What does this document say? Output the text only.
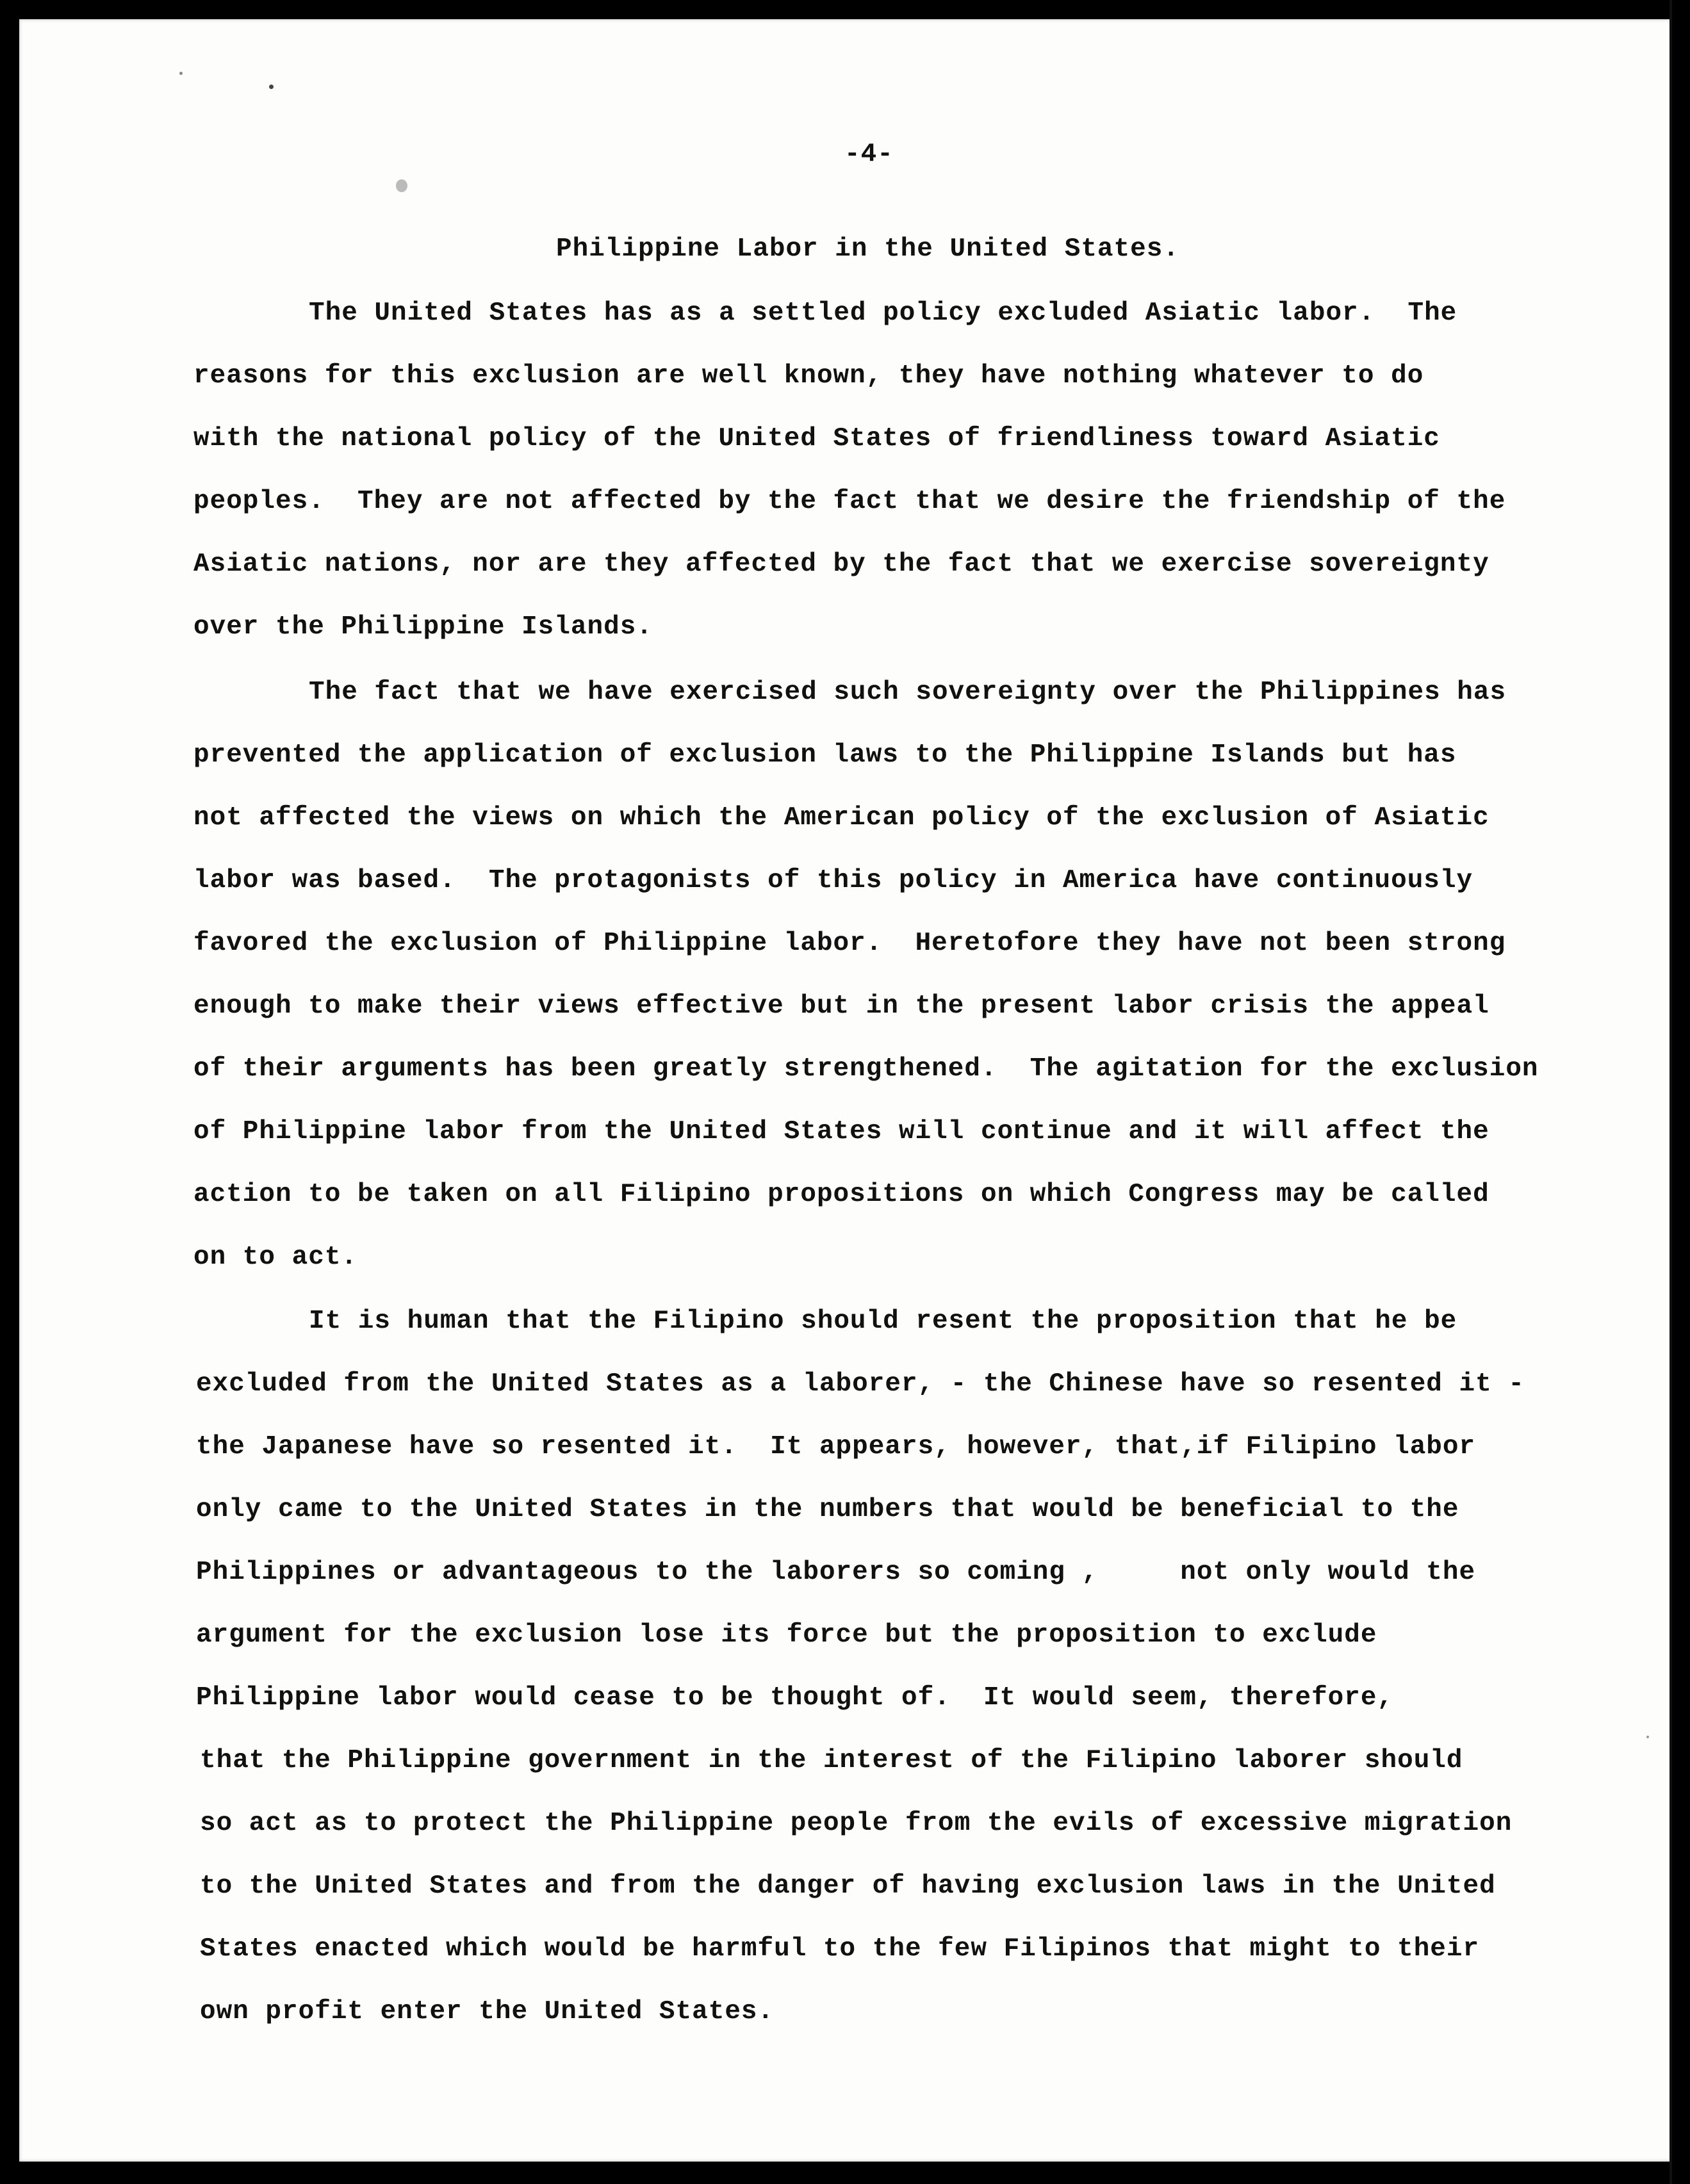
-4-
Philippine Labor in the United States.
The United States has as a settled policy excluded Asiatic labor.  The
reasons for this exclusion are well known, they have nothing whatever to do
with the national policy of the United States of friendliness toward Asiatic
peoples.  They are not affected by the fact that we desire the friendship of the
Asiatic nations, nor are they affected by the fact that we exercise sovereignty
over the Philippine Islands.
The fact that we have exercised such sovereignty over the Philippines has
prevented the application of exclusion laws to the Philippine Islands but has
not affected the views on which the American policy of the exclusion of Asiatic
labor was based.  The protagonists of this policy in America have continuously
favored the exclusion of Philippine labor.  Heretofore they have not been strong
enough to make their views effective but in the present labor crisis the appeal
of their arguments has been greatly strengthened.  The agitation for the exclusion
of Philippine labor from the United States will continue and it will affect the
action to be taken on all Filipino propositions on which Congress may be called
on to act.
It is human that the Filipino should resent the proposition that he be
excluded from the United States as a laborer, - the Chinese have so resented it -
the Japanese have so resented it.  It appears, however, that,if Filipino labor
only came to the United States in the numbers that would be beneficial to the
Philippines or advantageous to the laborers so coming ,     not only would the
argument for the exclusion lose its force but the proposition to exclude
Philippine labor would cease to be thought of.  It would seem, therefore,
that the Philippine government in the interest of the Filipino laborer should
so act as to protect the Philippine people from the evils of excessive migration
to the United States and from the danger of having exclusion laws in the United
States enacted which would be harmful to the few Filipinos that might to their
own profit enter the United States.
